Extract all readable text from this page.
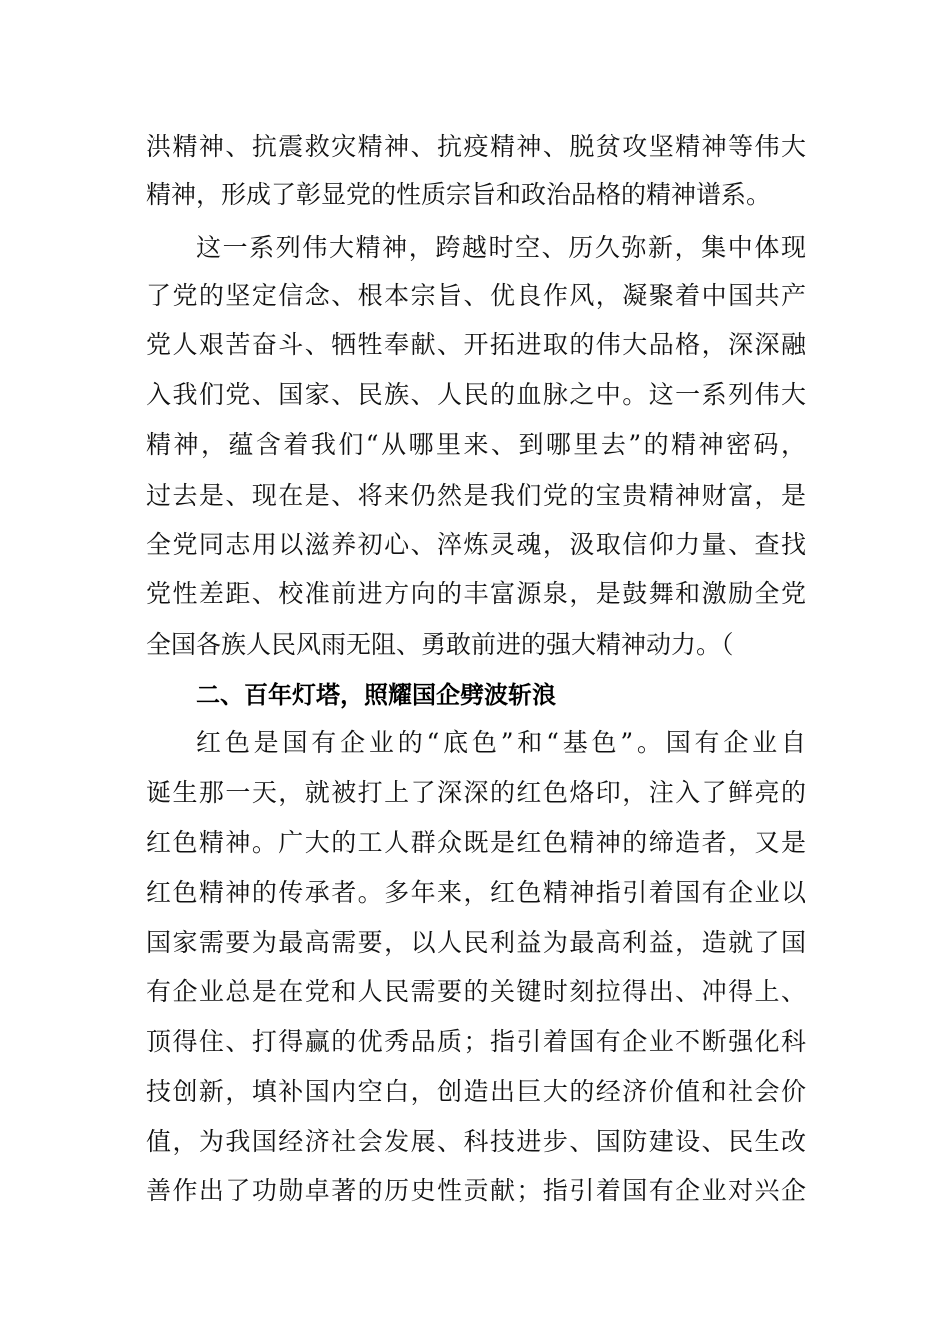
洪精神、抗震救灾精神、抗疫精神、脱贫攻坚精神等伟大
精神，形成了彰显党的性质宗旨和政治品格的精神谱系。
这一系列伟大精神，跨越时空、历久弥新，集中体现
了党的坚定信念、根本宗旨、优良作风，凝聚着中国共产
党人艰苦奋斗、牺牲奉献、开拓进取的伟大品格，深深融
入我们党、国家、民族、人民的血脉之中。这一系列伟大
精神，蕴含着我们“从哪里来、到哪里去”的精神密码，
过去是、现在是、将来仍然是我们党的宝贵精神财富，是
全党同志用以滋养初心、淬炼灵魂，汲取信仰力量、查找
党性差距、校准前进方向的丰富源泉，是鼓舞和激励全党
全国各族人民风雨无阻、勇敢前进的强大精神动力。（
二、百年灯塔，照耀国企劈波斩浪
红色是国有企业的“底色”和“基色”。国有企业自
诞生那一天，就被打上了深深的红色烙印，注入了鲜亮的
红色精神。广大的工人群众既是红色精神的缔造者，又是
红色精神的传承者。多年来，红色精神指引着国有企业以
国家需要为最高需要，以人民利益为最高利益，造就了国
有企业总是在党和人民需要的关键时刻拉得出、冲得上、
顶得住、打得赢的优秀品质；指引着国有企业不断强化科
技创新，填补国内空白，创造出巨大的经济价值和社会价
值，为我国经济社会发展、科技进步、国防建设、民生改
善作出了功勋卓著的历史性贡献；指引着国有企业对兴企
